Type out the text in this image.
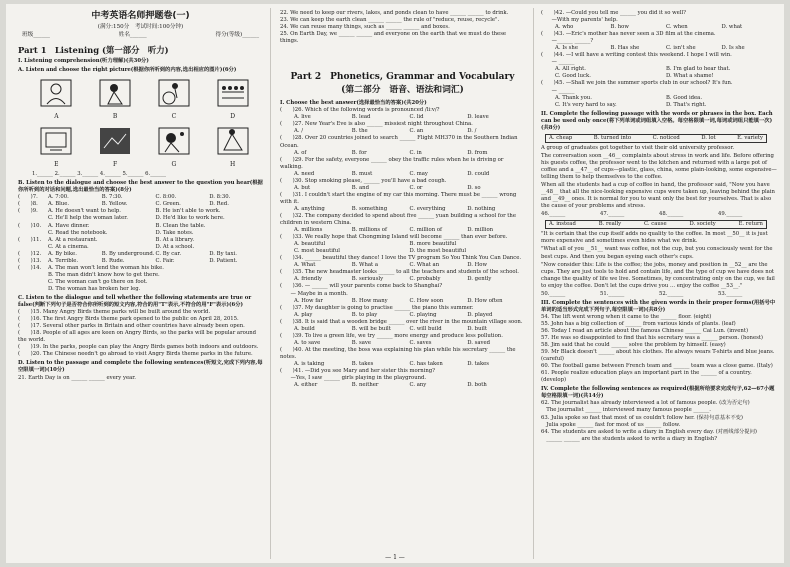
中考英语名师押题卷(一)
(满分:150分　考试时间:100分钟)
班级______	姓名______	得分(等级)______
Part 1　Listening (第一部分　听力)
I. Listening comprehension(听力理解)(共30分)
A. Listen and choose the right picture(根据你所听到的内容,选出相应的图片)(6分)
A	B	C	D
E	F	G	H
1.______ 2.______ 3.______ 4.______ 5.______ 6.______
B. Listen to the dialogue and choose the best answer to the question you hear(根据你所听到的对话和问题,选出最恰当的答案)(8分)
(　　)7.	A. 7:00.	B. 7:30.	C. 8:00.	D. 8:30.
(　　)8.	A. Blue.	B. Yellow.	C. Green.	D. Red.
(　　)9.	A. He doesn't want to help.	B. He isn't able to work.
C. He'll help the woman later.	D. He'd like to work here.
(　　)10.	A. Have dinner.	B. Clean the table.
C. Read the notebook.	D. Take notes.
(　　)11.	A. At a restaurant.	B. At a library.
C. At a cinema.	D. At a school.
(　　)12.	A. By bike.	B. By underground. C. By car.	D. By taxi.
(　　)13.	A. Terrible.	B. Rude.	C. Fair.	D. Patient.
(　　)14.	A. The man won't lend the woman his bike.
B. The man didn't know how to get there.
C. The woman can't go there on foot.
D. The woman has broken her leg.
C. Listen to the dialogue and tell whether the following statements are true or false(判断下列句子是否符合你所听到的短文内容,符合的用"T"表示,不符合的用"F"表示)(6分)
(　　)15. Many Angry Birds theme parks will be built around the world.
(　　)16. The first Angry Birds theme park opened to the public on April 28, 2015.
(　　)17. Several other parks in Britain and other countries have already been open.
(　　)18. People of all ages are keen on Angry Birds, so the parks will be popular around the world.
(　　)19. In the parks, people can play the Angry Birds games both indoors and outdoors.
(　　)20. The Chinese needn't go abroad to visit Angry Birds theme parks in the future.
D. Listen to the passage and complete the following sentences(听短文,完成下列内容,每空限填一词)(10分)
21. Earth Day is on ______ ______ every year.
22. We need to keep our rivers, lakes, and ponds clean to have ______ ______ to drink.
23. We can keep the earth clean ______ ______ the rule of "reduce, reuse, recycle".
24. We can reuse many things, such as ______ ______ and boxes.
25. On Earth Day, we ______ ______ and everyone on the earth that we must do these things.
Part 2　Phonetics, Grammar and Vocabulary
(第二部分　语音、语法和词汇)
I. Choose the best answer(选择最恰当的答案)(共20分)
(　　)26. Which of the following words is pronounced /li:v/?
A. live	B. lead	C. lid	D. leave
(　　)27. New Year's Eve is also ______ missiest night throughout China.
A. /	B. the	C. an	D. /
(　　)28. Over 20 countries joined to search ______ Flight MH370 in the Southern Indian Ocean.
A. of	B. for	C. in	D. from
(　　)29. For the safety, everyone ______ obey the traffic rules when he is driving or walking.
A. need	B. must	C. may	D. could
(　　)30. Stop smoking please, ______ you'll have a bad cough.
A. but	B. and	C. or	D. so
(　　)31. I couldn't start the engine of my car this morning. There must be ______ wrong with it.
A. anything	B. something	C. everything	D. nothing
(　　)32. The company decided to spend about five ______ yuan building a school for the children in western China.
A. millions	B. millions of	C. million of	D. million
(　　)33. We really hope that Chongming Island will become ______ than ever before.
A. beautiful	B. more beautiful
C. most beautiful	D. the most beautiful
(　　)34. ______ beautiful they dance! I love the TV program So You Think You Can Dance.
A. What	B. What a	C. What an	D. How
(　　)35. The new headmaster looks ______ to all the teachers and students of the school.
A. friendly	B. seriously	C. probably	D. gently
(　　)36. — ______ will your parents come back to Shanghai?
　　— Maybe in a month.
A. How far	B. How many	C. How soon	D. How often
(　　)37. My daughter is going to practise ______ the piano this summer.
A. play	B. to play	C. playing	D. played
(　　)38. It is said that a wooden bridge ______ over the river in the mountain village soon.
A. build	B. will be built	C. will build	D. built
(　　)39. To live a green life, we try ______ more energy and produce less pollution.
A. to save	B. save	C. saves	D. saved
(　　)40. At the meeting, the boss was explaining his plan while his secretary ______ the notes.
A. is taking	B. takes	C. has taken	D. takes
(　　)41. —Did you see Mary and her sister this morning?
　　—Yes, I saw ______ girls playing in the playground.
A. either	B. neither	C. any	D. both
(　　)42. —Could you tell me ______ you did it so well?
　　—With my parents' help.
A. who	B. how	C. when	D. what
(　　)43. —Eric's mother has never seen a 3D film at the cinema.
　　—______ ______?
A. Is she	B. Has she	C. isn't she	D. Is she
(　　)44. —I will have a writing contest this weekend. I hope I will win.
　　— ______
A. All right.	B. I'm glad to hear that.
C. Good luck.	D. What a shame!
(　　)45. —Shall we join the summer sports club in our school? It's fun.
　　— ______
A. Thank you.	B. Good idea.
C. It's very hard to say.	D. That's right.
II. Complete the following passage with the words or phrases in the box. Each can be used only once(将下列单词或词组填入空格。每空格限填一词,每词或词组只能填一次)(共8分)
A. cheap	B. turned into	C. noticed	D. lot	E. variety
A group of graduates got together to visit their old university professor.
The conversation soon __46__ complaints about stress in work and life. Before offering his guests coffee, the professor went to the kitchen and returned with a large pot of coffee and a __47__ of cups—plastic, glass, china, some plain-looking, some expensive—telling them to help themselves to the coffee.
When all the students had a cup of coffee in hand, the professor said, "Now you have __48__ that all the nice-looking expensive cups were taken up, leaving behind the plain and __49__ ones. It is normal for you to want only the best for yourselves. That is also the cause of your problems and stress.
46.______	47.______	48.______	49.______
A. instead	B. really	C. cause	D. society	E. return
"It is certain that the cup itself adds no quality to the coffee. In most __50__ it is just more expensive and sometimes even hides what we drink.
"What all of you __51__ want was coffee, not the cup, but you consciously went for the best cups. And then you began eyeing each other's cups.
"Now consider this: Life is the coffee; the jobs, money and position in __52__ are the cups. They are just tools to hold and contain life, and the type of cup we have does not change the quality of life we live. Sometimes, by concentrating only on the cup, we fail to enjoy the coffee. Don't let the cups drive you ... enjoy the coffee __53__."
50.______	51.______	52.______	53.______
III. Complete the sentences with the given words in their proper forms(用括号中单词的适当形式完成下列句子,每空限填一词)(共8分)
54. The lift went wrong when it came to the ______ floor. (eight)
55. John has a big collection of ______ from various kinds of plants. (leaf)
56. Today I read an article about the famous Chinese ______ Cai Lun. (invent)
57. He was so disappointed to find that his secretary was a ______ person. (honest)
58. Jim said that he could ______ solve the problem by himself. (easy)
59. Mr Black doesn't ______ about his clothes. He always wears T-shirts and blue jeans. (careful)
60. The football game between French team and ______ team was a close game. (Italy)
61. People realize education plays an important part in the ______ of a country. (develop)
IV. Complete the following sentences as required(根据所给要求完成句子,62—67小题每空格限填一词)(共14分)
62. The journalist has already interviewed a lot of famous people. (改为否定句)
　The journalist ______ interviewed many famous people ______.
63. Julia spoke so fast that most of us couldn't follow her. (保持句意基本不变)
　Julia spoke ______ fast for most of us ______ follow.
64. The students are asked to write a diary in English every day. (对画线部分提问)
　______ ______ are the students asked to write a diary in English?
— 1 —
